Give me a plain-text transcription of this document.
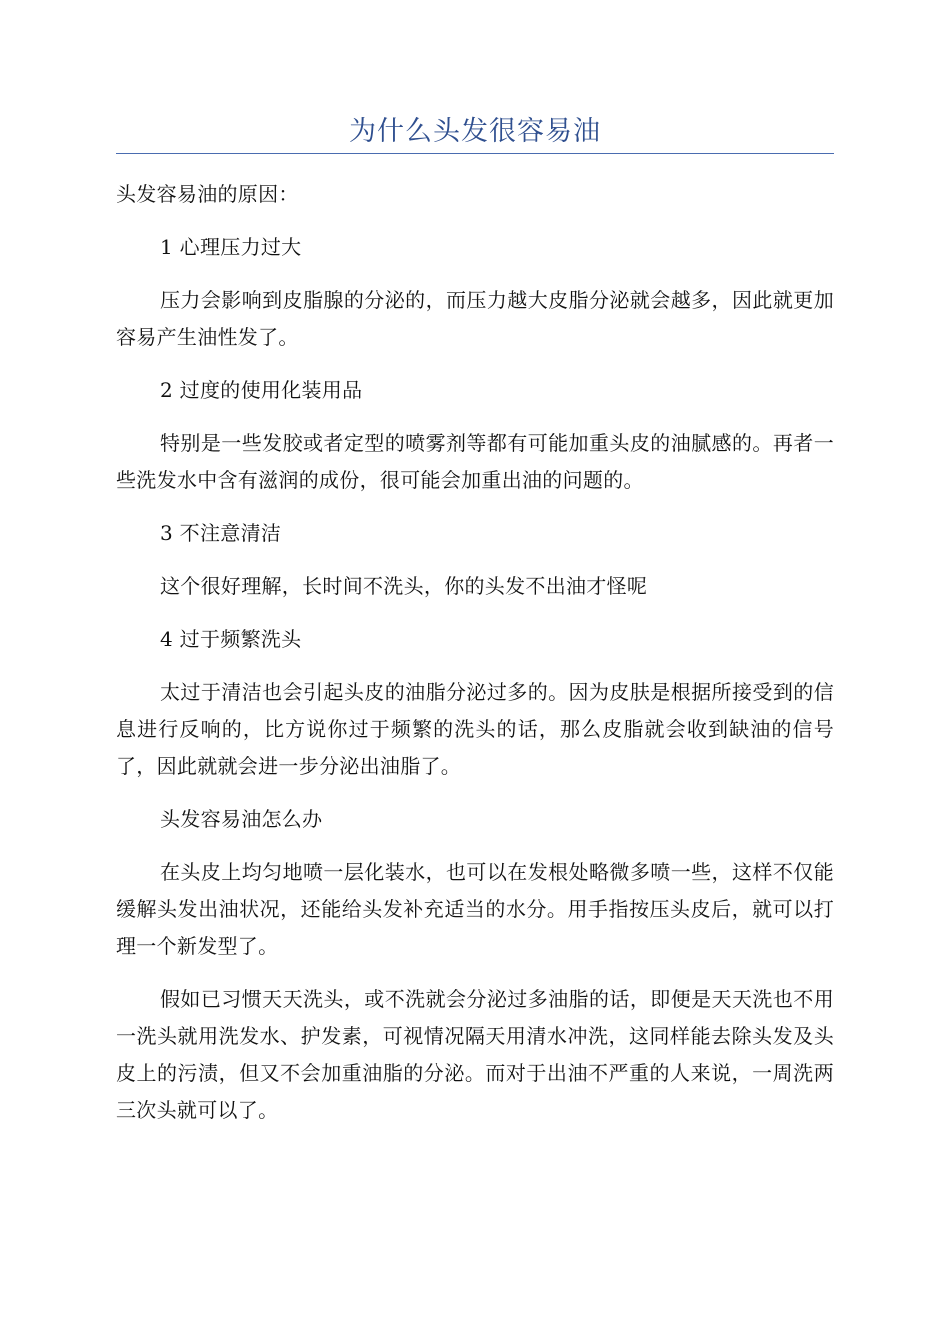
为什么头发很容易油

头发容易油的原因：

1 心理压力过大

压力会影响到皮脂腺的分泌的，而压力越大皮脂分泌就会越多，因此就更加容易产生油性发了。

2 过度的使用化装用品

特别是一些发胶或者定型的喷雾剂等都有可能加重头皮的油腻感的。再者一些洗发水中含有滋润的成份，很可能会加重出油的问题的。

3 不注意清洁

这个很好理解，长时间不洗头，你的头发不出油才怪呢

4 过于频繁洗头

太过于清洁也会引起头皮的油脂分泌过多的。因为皮肤是根据所接受到的信息进行反响的，比方说你过于频繁的洗头的话，那么皮脂就会收到缺油的信号了，因此就就会进一步分泌出油脂了。

头发容易油怎么办

在头皮上均匀地喷一层化装水，也可以在发根处略微多喷一些，这样不仅能缓解头发出油状况，还能给头发补充适当的水分。用手指按压头皮后，就可以打理一个新发型了。

假如已习惯天天洗头，或不洗就会分泌过多油脂的话，即便是天天洗也不用一洗头就用洗发水、护发素，可视情况隔天用清水冲洗，这同样能去除头发及头皮上的污渍，但又不会加重油脂的分泌。而对于出油不严重的人来说，一周洗两三次头就可以了。
